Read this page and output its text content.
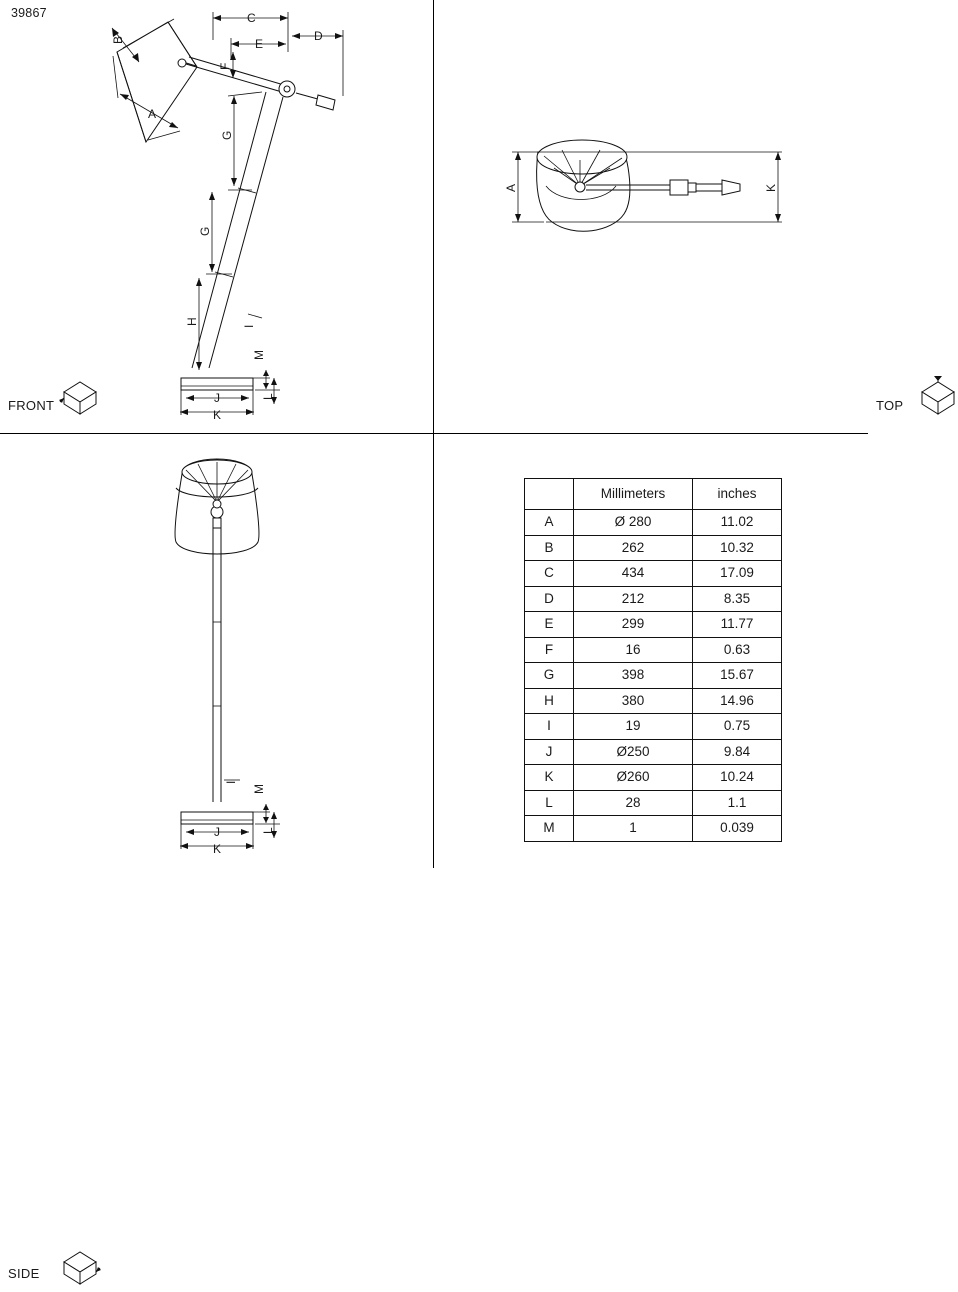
39867	C
D
E
F
B
A
G
G
H
I
M
L
J
K
FRONT
A	K
TOP
I
M
L
J
K
SIDE
	Millimeters	inches
A	Ø 280	11.02
B	262	10.32
C	434	17.09
D	212	8.35
E	299	11.77
F	16	0.63
G	398	15.67
H	380	14.96
I	19	0.75
J	Ø250	9.84
K	Ø260	10.24
L	28	1.1
M	1	0.039
